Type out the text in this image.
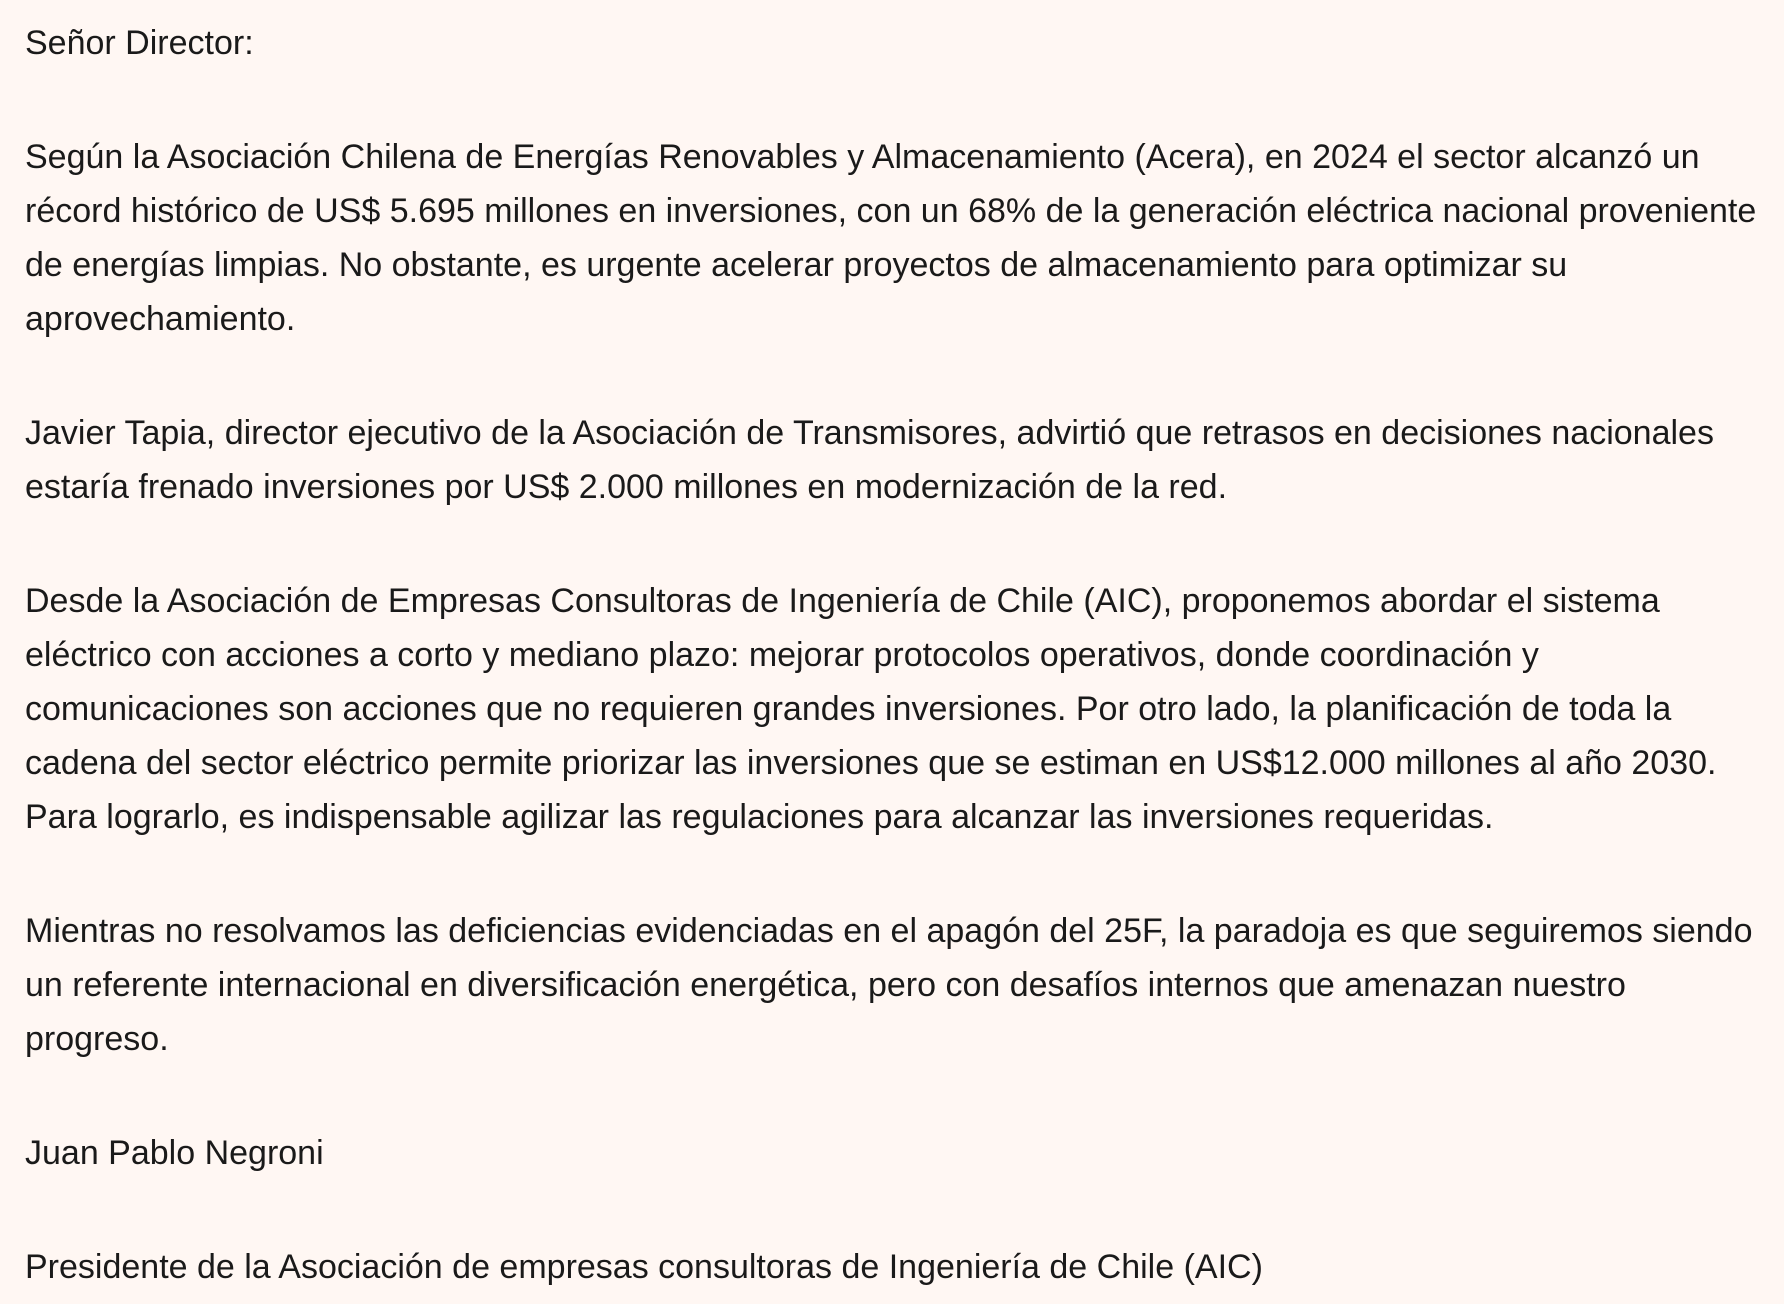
Señor Director:

Según la Asociación Chilena de Energías Renovables y Almacenamiento (Acera), en 2024 el sector alcanzó un récord histórico de US$ 5.695 millones en inversiones, con un 68% de la generación eléctrica nacional proveniente de energías limpias. No obstante, es urgente acelerar proyectos de almacenamiento para optimizar su aprovechamiento.

Javier Tapia, director ejecutivo de la Asociación de Transmisores, advirtió que retrasos en decisiones nacionales estaría frenado inversiones por US$ 2.000 millones en modernización de la red.

Desde la Asociación de Empresas Consultoras de Ingeniería de Chile (AIC), proponemos abordar el sistema eléctrico con acciones a corto y mediano plazo: mejorar protocolos operativos, donde coordinación y comunicaciones son acciones que no requieren grandes inversiones. Por otro lado, la planificación de toda la cadena del sector eléctrico permite priorizar las inversiones que se estiman en US$12.000 millones al año 2030. Para lograrlo, es indispensable agilizar las regulaciones para alcanzar las inversiones requeridas.

Mientras no resolvamos las deficiencias evidenciadas en el apagón del 25F, la paradoja es que seguiremos siendo un referente internacional en diversificación energética, pero con desafíos internos que amenazan nuestro progreso.

Juan Pablo Negroni

Presidente de la Asociación de empresas consultoras de Ingeniería de Chile (AIC)
